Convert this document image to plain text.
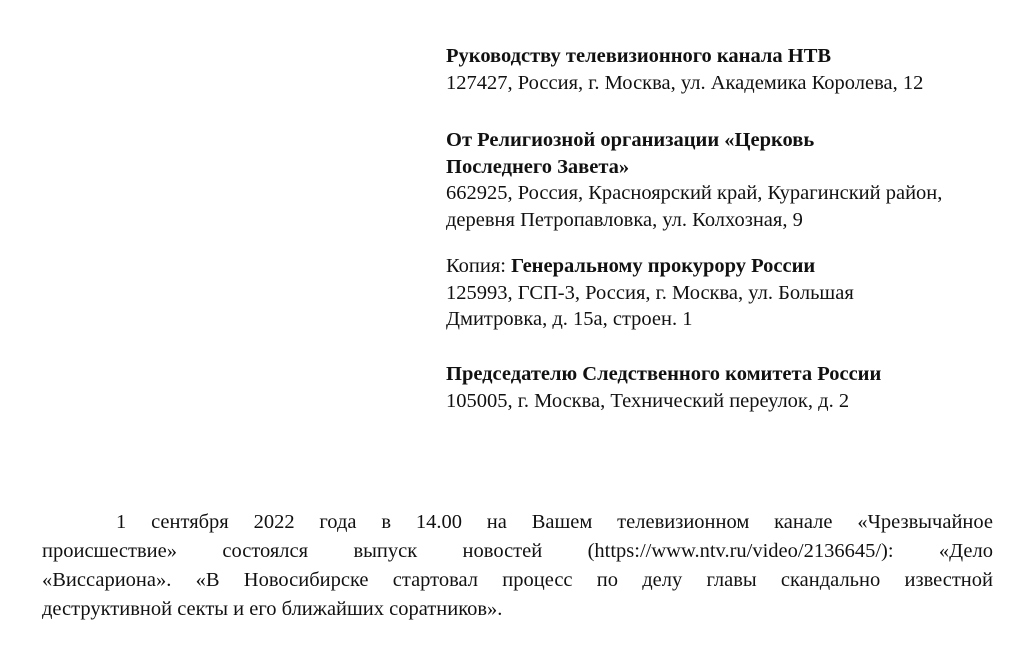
Руководству телевизионного канала НТВ
127427, Россия, г. Москва, ул. Академика Королева, 12
От Религиозной организации «Церковь
Последнего Завета»
662925, Россия, Красноярский край, Курагинский район,
деревня Петропавловка, ул. Колхозная, 9
Копия: Генеральному прокурору России
125993, ГСП-3, Россия, г. Москва, ул. Большая
Дмитровка, д. 15а, строен. 1
Председателю Следственного комитета России
105005, г. Москва, Технический переулок, д. 2
1 сентября 2022 года в 14.00 на Вашем телевизионном канале «Чрезвычайное
происшествие» состоялся выпуск новостей (https://www.ntv.ru/video/2136645/): «Дело
«Виссариона». «В Новосибирске стартовал процесс по делу главы скандально известной
деструктивной секты и его ближайших соратников».
